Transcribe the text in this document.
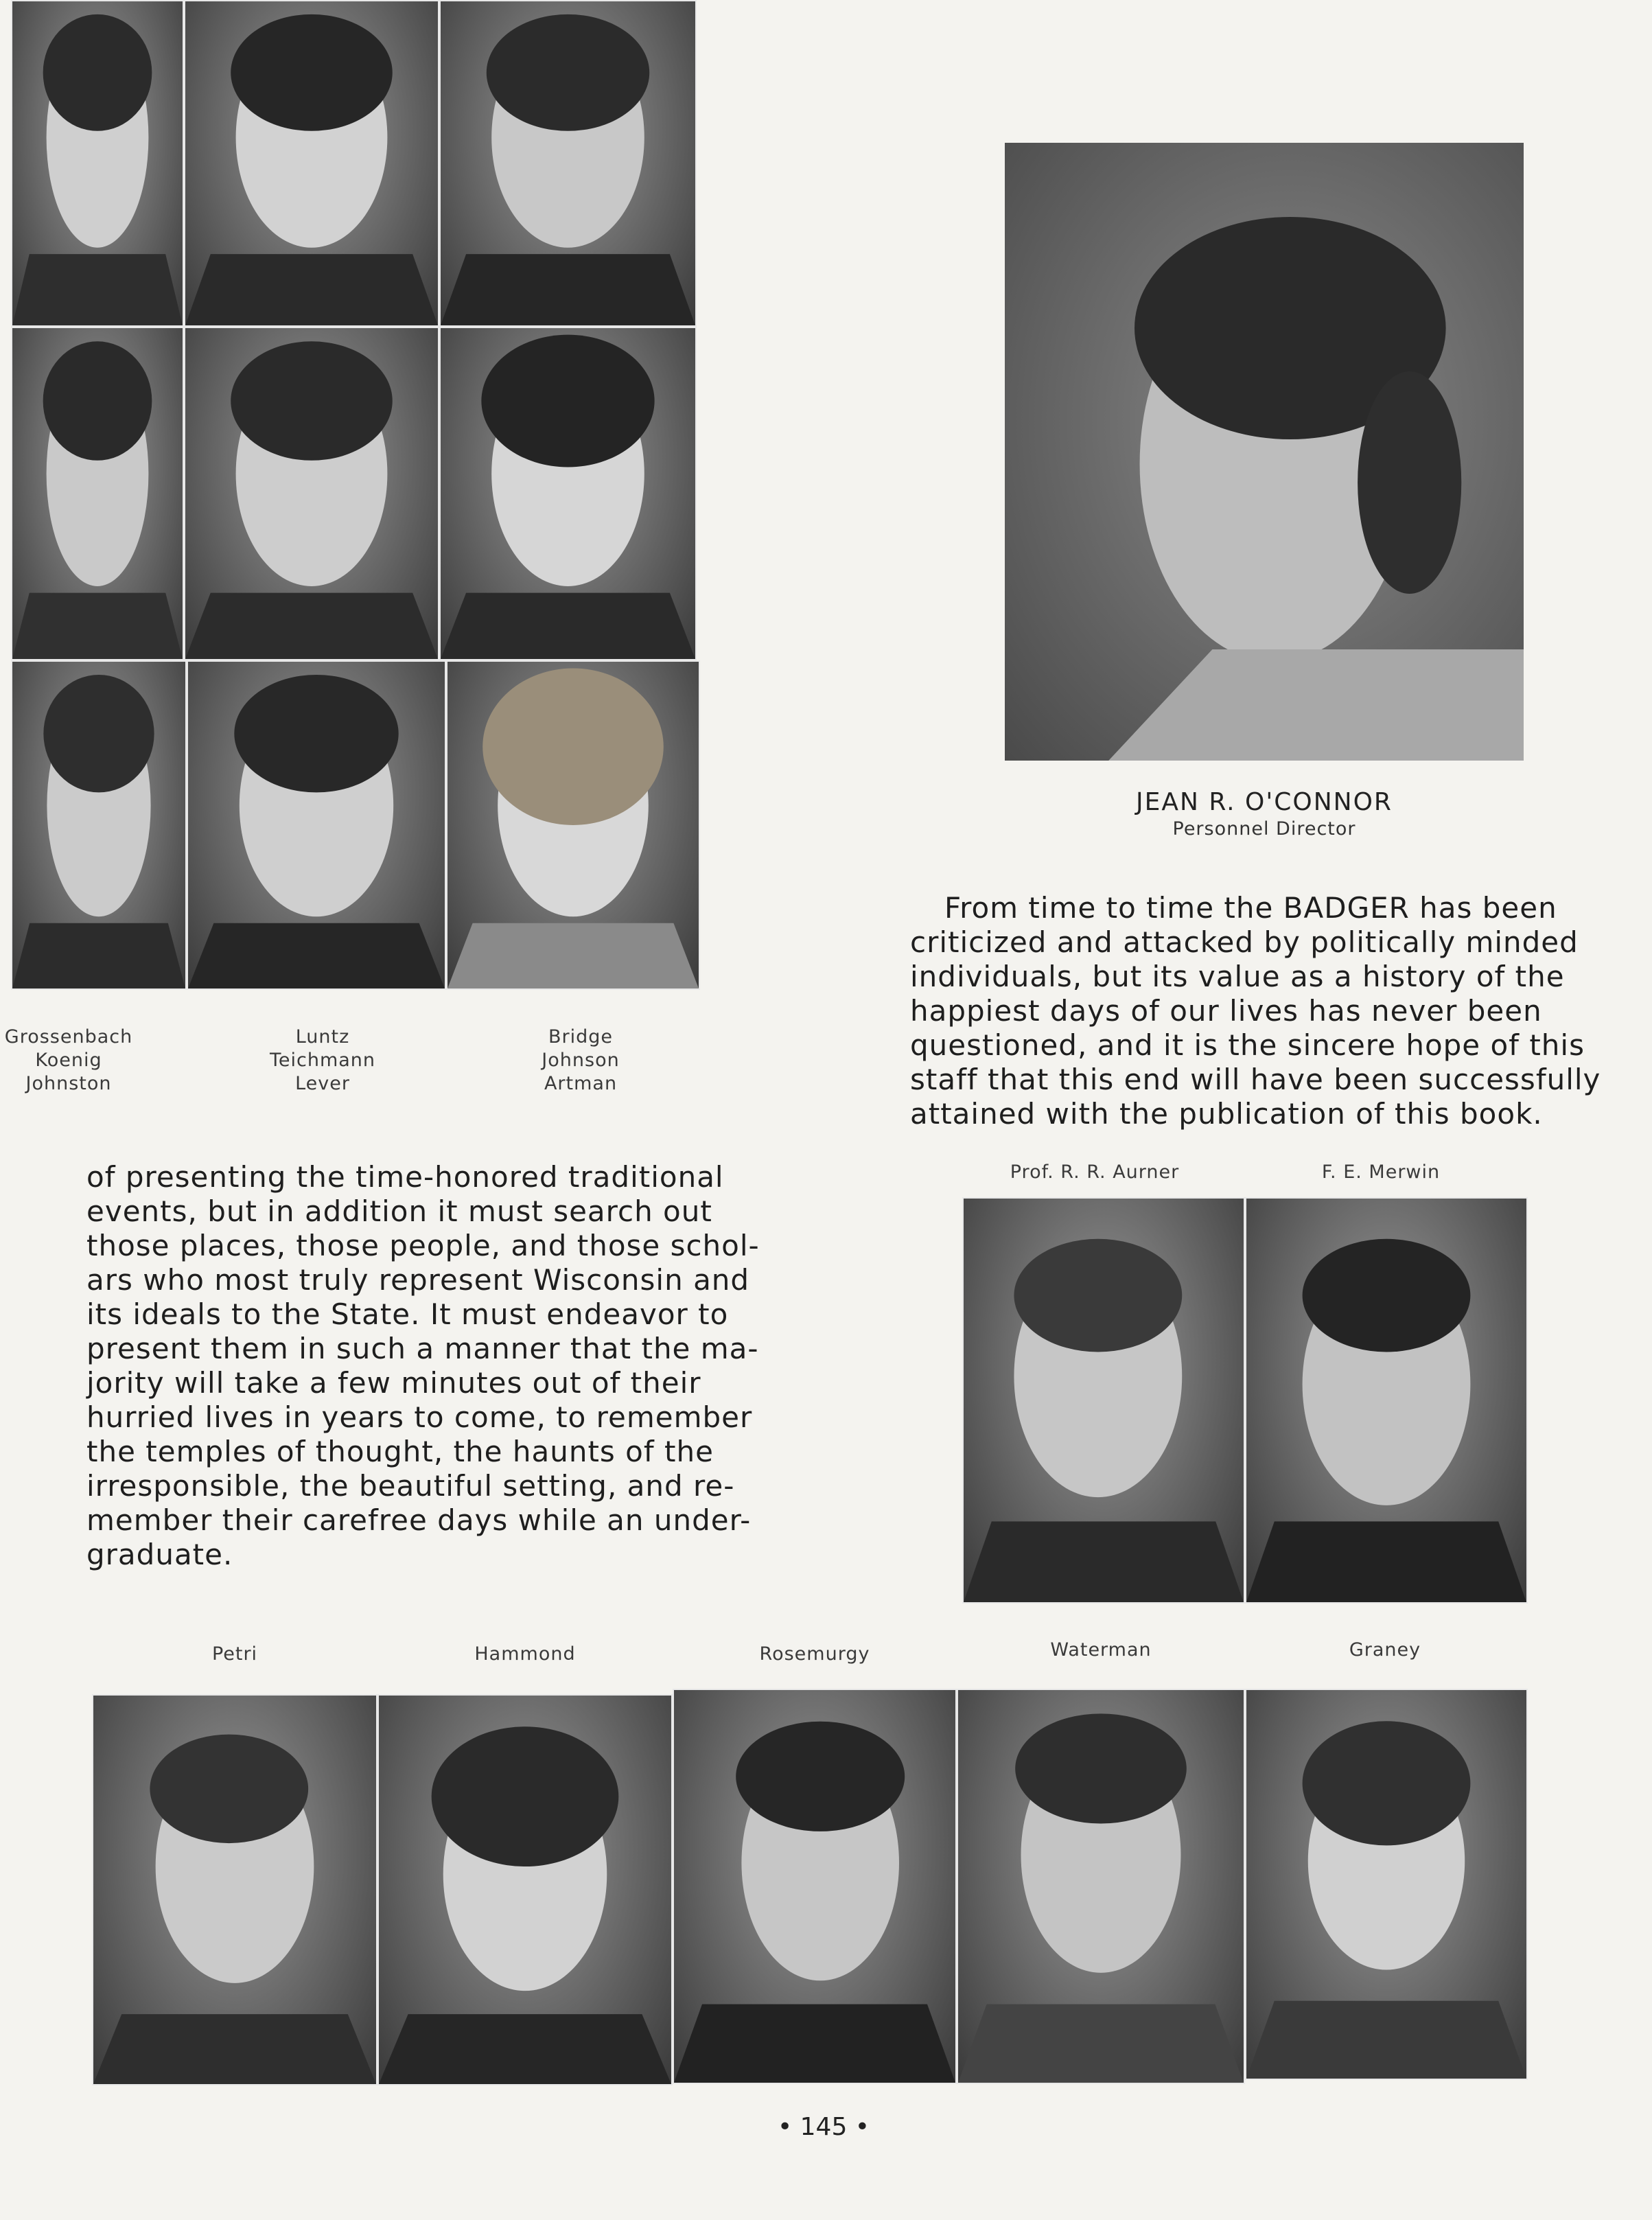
Grossenbach
Koenig
Johnston
Luntz
Teichmann
Lever
Bridge
Johnson
Artman
JEAN R. O'CONNOR
Personnel Director
From time to time the BADGER has been
criticized and attacked by politically minded
individuals, but its value as a history of the
happiest days of our lives has never been
questioned, and it is the sincere hope of this
staff that this end will have been successfully
attained with the publication of this book.
of presenting the time-honored traditional
events, but in addition it must search out
those places, those people, and those schol-
ars who most truly represent Wisconsin and
its ideals to the State. It must endeavor to
present them in such a manner that the ma-
jority will take a few minutes out of their
hurried lives in years to come, to remember
the temples of thought, the haunts of the
irresponsible, the beautiful setting, and re-
member their carefree days while an under-
graduate.
Prof. R. R. Aurner	F. E. Merwin
Petri	Hammond	Rosemurgy	Waterman	Graney
• 145 •
